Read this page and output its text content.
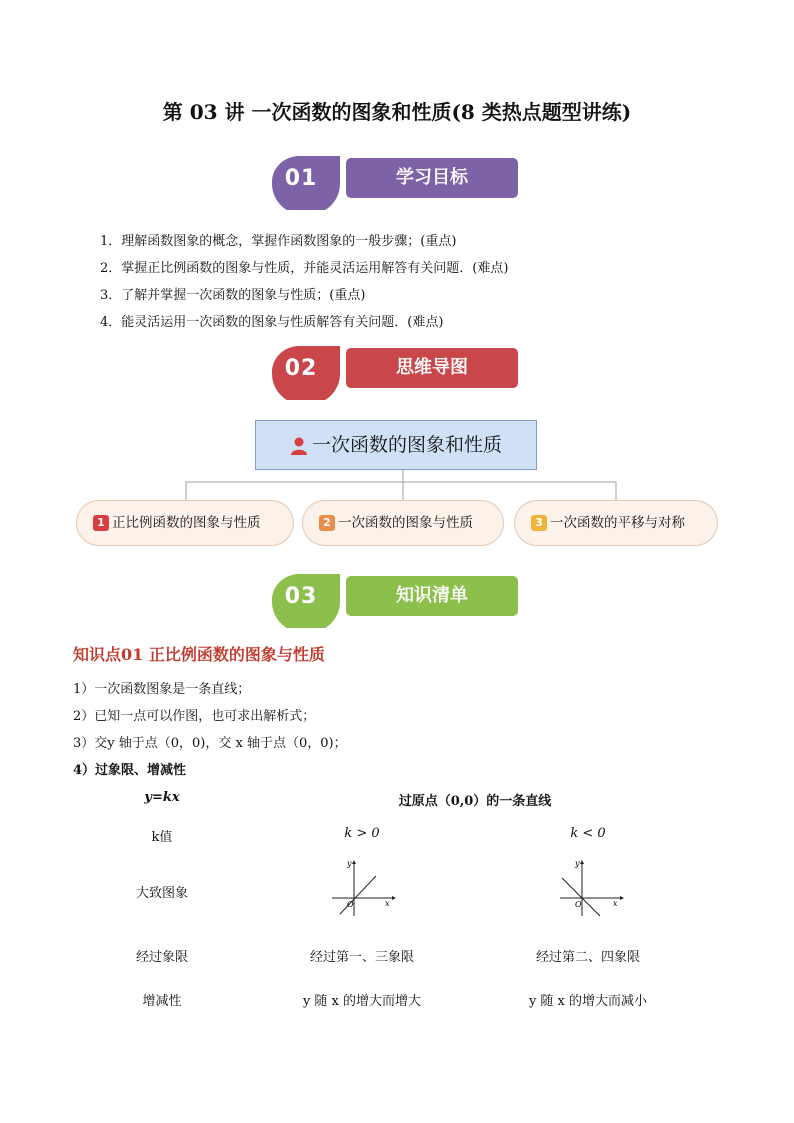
第 03 讲 一次函数的图象和性质(8 类热点题型讲练)
01	学习目标
1．理解函数图象的概念，掌握作函数图象的一般步骤；(重点)
2．掌握正比例函数的图象与性质，并能灵活运用解答有关问题．(难点)
3．了解并掌握一次函数的图象与性质；(重点)
4．能灵活运用一次函数的图象与性质解答有关问题．(难点)
02	思维导图
一次函数的图象和性质
1 正比例函数的图象与性质	2 一次函数的图象与性质	3 一次函数的平移与对称
03	知识清单
知识点01 正比例函数的图象与性质
1）一次函数图象是一条直线；
2）已知一点可以作图，也可求出解析式；
3）交y 轴于点（0，0)，交 x 轴于点（0，0)；
4）过象限、增减性
y=kx	过原点（0,0）的一条直线
k值	k > 0	k < 0
大致图象
y
x
O
y
x
O
经过象限	经过第一、三象限	经过第二、四象限
增减性	y 随 x 的增大而增大	y 随 x 的增大而减小
